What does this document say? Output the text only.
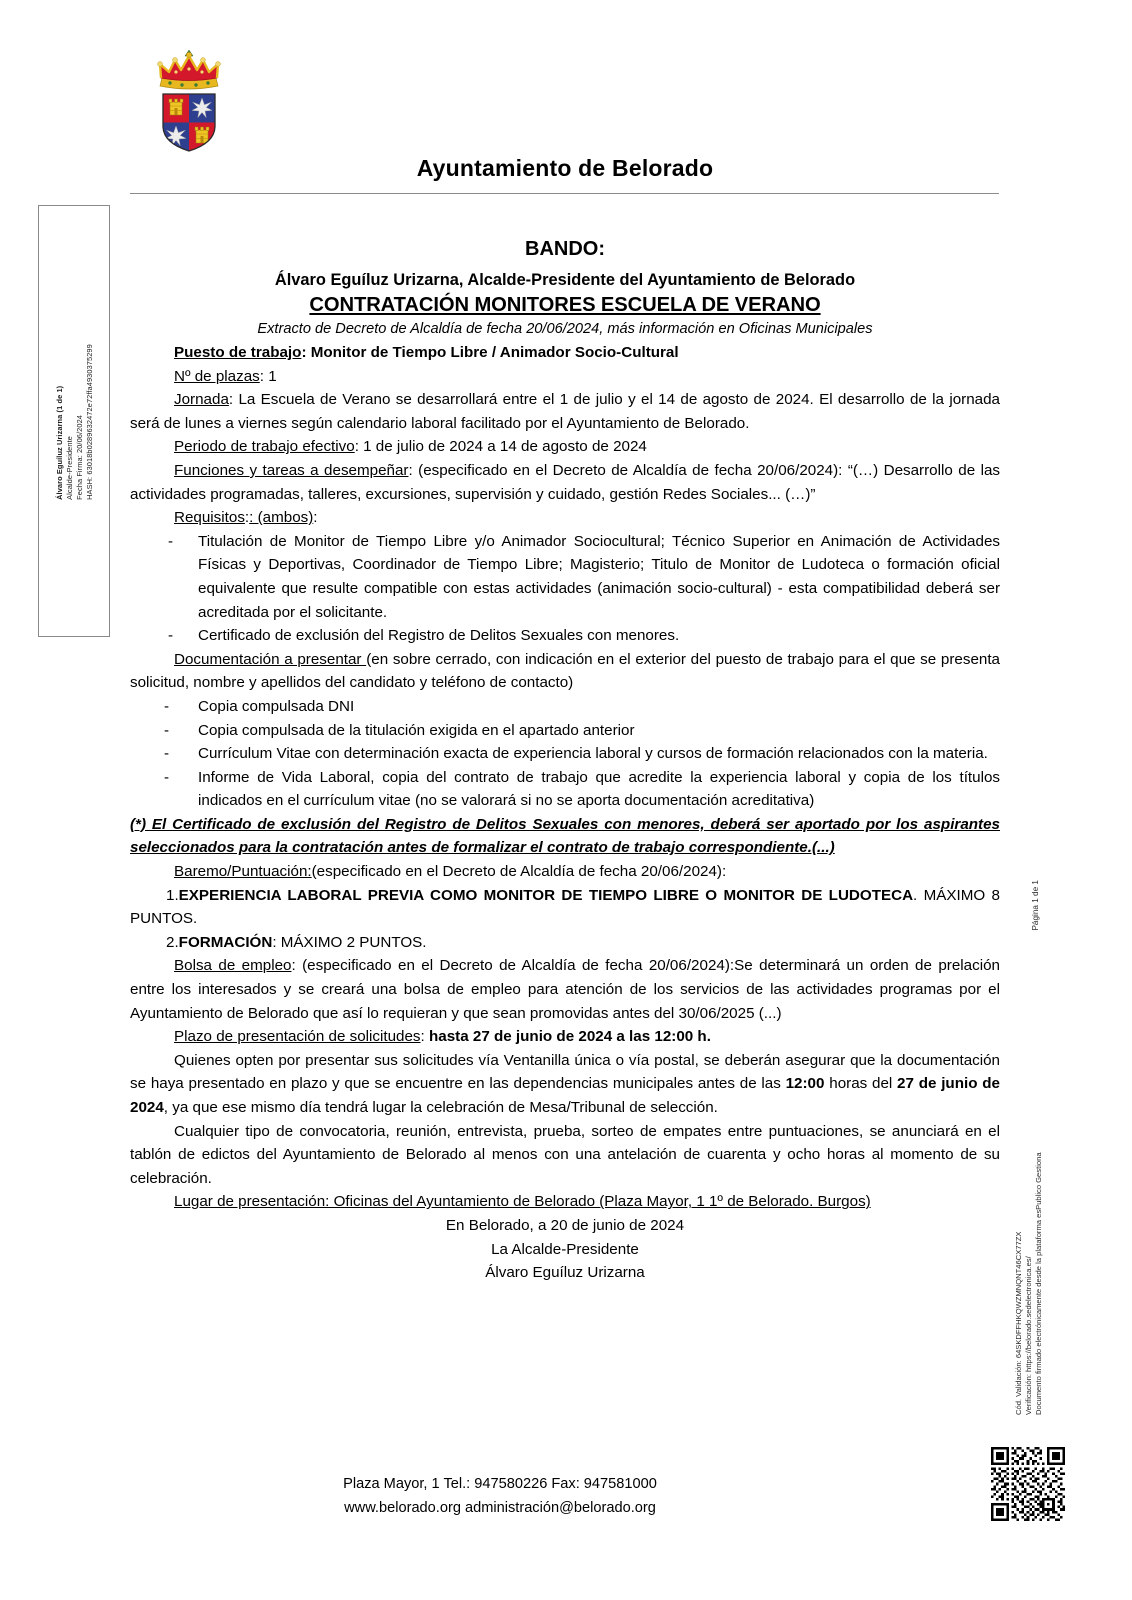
Álvaro Eguíluz Urizarna (1 de 1) Alcalde-Presidente Fecha Firma: 20/06/2024 HASH: 63018b0289632472e72ffa4930375299
Cód. Validación: 64SKDFFHKQWZMNQNT46CX77ZX Verificación: https://belorado.sedelectronica.es/ Documento firmado electrónicamente desde la plataforma esPublico Gestiona
Página 1 de 1
Ayuntamiento de Belorado

BANDO:

Álvaro Eguíluz Urizarna, Alcalde-Presidente del Ayuntamiento de Belorado

CONTRATACIÓN MONITORES ESCUELA DE VERANO

Extracto de Decreto de Alcaldía de fecha 20/06/2024, más información en Oficinas Municipales

Puesto de trabajo: Monitor de Tiempo Libre / Animador Socio-Cultural

Nº de plazas: 1

Jornada: La Escuela de Verano se desarrollará entre el 1 de julio y el 14 de agosto de 2024. El desarrollo de la jornada será de lunes a viernes según calendario laboral facilitado por el Ayuntamiento de Belorado.

Periodo de trabajo efectivo: 1 de julio de 2024 a 14 de agosto de 2024

Funciones y tareas a desempeñar: (especificado en el Decreto de Alcaldía de fecha 20/06/2024): “(…) Desarrollo de las actividades programadas, talleres, excursiones, supervisión y cuidado, gestión Redes Sociales... (…)”

Requisitos:: (ambos):

- Titulación de Monitor de Tiempo Libre y/o Animador Sociocultural; Técnico Superior en Animación de Actividades Físicas y Deportivas, Coordinador de Tiempo Libre; Magisterio; Titulo de Monitor de Ludoteca o formación oficial equivalente que resulte compatible con estas actividades (animación socio-cultural) - esta compatibilidad deberá ser acreditada por el solicitante.
- Certificado de exclusión del Registro de Delitos Sexuales con menores.

Documentación a presentar (en sobre cerrado, con indicación en el exterior del puesto de trabajo para el que se presenta solicitud, nombre y apellidos del candidato y teléfono de contacto)

- Copia compulsada DNI
- Copia compulsada de la titulación exigida en el apartado anterior
- Currículum Vitae con determinación exacta de experiencia laboral y cursos de formación relacionados con la materia.
- Informe de Vida Laboral, copia del contrato de trabajo que acredite la experiencia laboral y copia de los títulos indicados en el currículum vitae (no se valorará si no se aporta documentación acreditativa)

(*) El Certificado de exclusión del Registro de Delitos Sexuales con menores, deberá ser aportado por los aspirantes seleccionados para la contratación antes de formalizar el contrato de trabajo correspondiente.(...)

Baremo/Puntuación:(especificado en el Decreto de Alcaldía de fecha 20/06/2024):

1.EXPERIENCIA LABORAL PREVIA COMO MONITOR DE TIEMPO LIBRE O MONITOR DE LUDOTECA. MÁXIMO 8 PUNTOS.

2.FORMACIÓN: MÁXIMO 2 PUNTOS.

Bolsa de empleo: (especificado en el Decreto de Alcaldía de fecha 20/06/2024):Se determinará un orden de prelación entre los interesados y se creará una bolsa de empleo para atención de los servicios de las actividades programas por el Ayuntamiento de Belorado que así lo requieran y que sean promovidas antes del 30/06/2025 (...)

Plazo de presentación de solicitudes: hasta 27 de junio de 2024 a las 12:00 h.

Quienes opten por presentar sus solicitudes vía Ventanilla única o vía postal, se deberán asegurar que la documentación se haya presentado en plazo y que se encuentre en las dependencias municipales antes de las 12:00 horas del 27 de junio de 2024, ya que ese mismo día tendrá lugar la celebración de Mesa/Tribunal de selección.

Cualquier tipo de convocatoria, reunión, entrevista, prueba, sorteo de empates entre puntuaciones, se anunciará en el tablón de edictos del Ayuntamiento de Belorado al menos con una antelación de cuarenta y ocho horas al momento de su celebración.

Lugar de presentación: Oficinas del Ayuntamiento de Belorado (Plaza Mayor, 1 1º de Belorado. Burgos)

En Belorado, a 20 de junio de 2024

La Alcalde-Presidente

Álvaro Eguíluz Urizarna

Plaza Mayor, 1 Tel.: 947580226 Fax: 947581000
www.belorado.org administración@belorado.org
